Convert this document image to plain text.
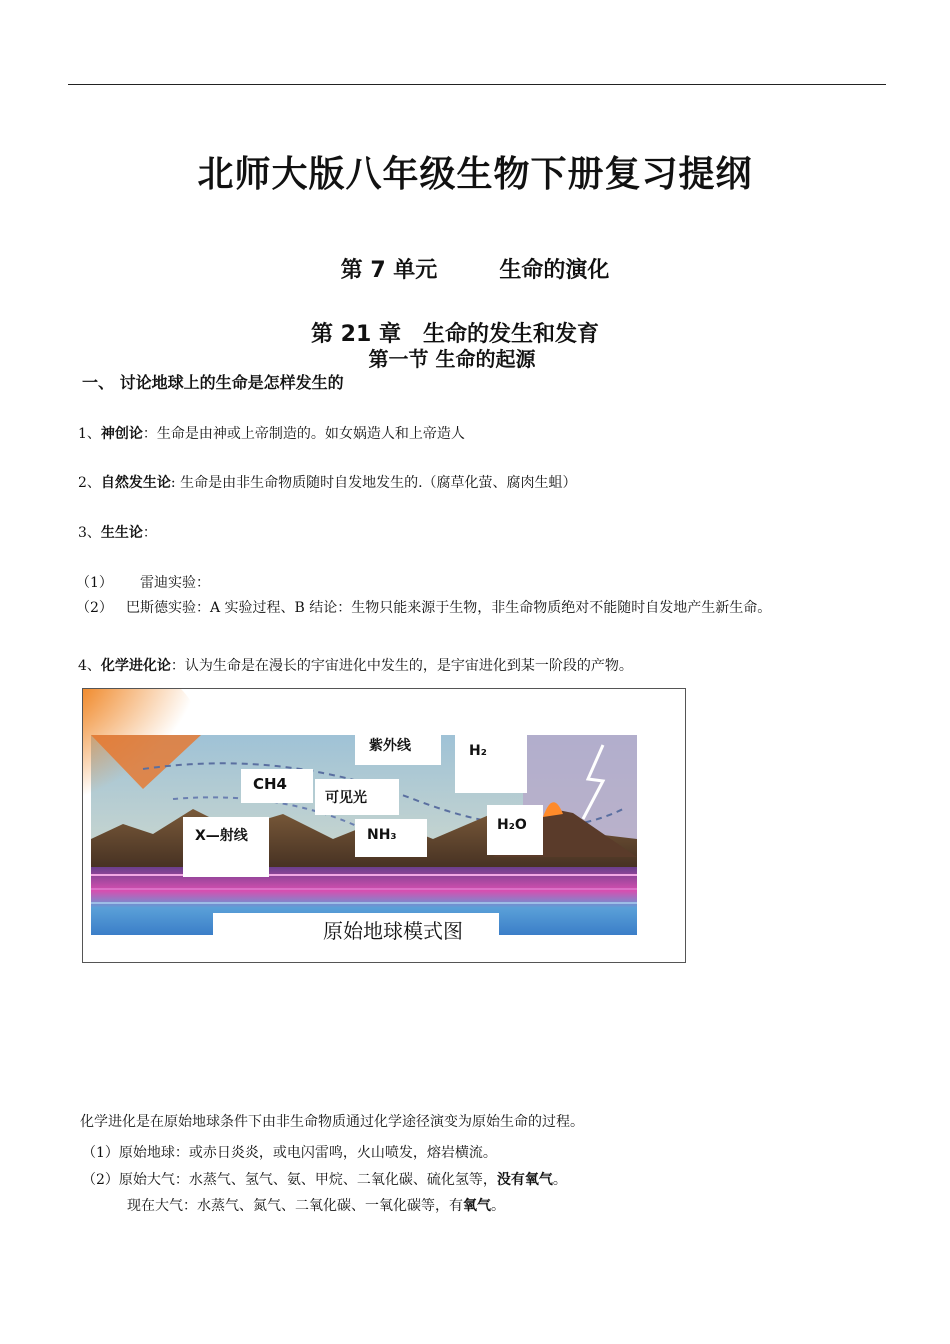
北师大版八年级生物下册复习提纲
第 7 单元	生命的演化
第 21 章 生命的发生和发育
第一节 生命的起源
一、 讨论地球上的生命是怎样发生的
1、神创论：生命是由神或上帝制造的。如女娲造人和上帝造人
2、自然发生论: 生命是由非生命物质随时自发地发生的.（腐草化萤、腐肉生蛆）
3、生生论：
（1） 雷迪实验：
（2） 巴斯德实验：A 实验过程、B 结论：生物只能来源于生物，非生命物质绝对不能随时自发地产生新生命。
4、化学进化论：认为生命是在漫长的宇宙进化中发生的，是宇宙进化到某一阶段的产物。
紫外线	H₂
CH4
可见光
H₂O
X—射线	NH₃
原始地球模式图
化学进化是在原始地球条件下由非生命物质通过化学途径演变为原始生命的过程。
（1）原始地球：或赤日炎炎，或电闪雷鸣，火山喷发，熔岩横流。
（2）原始大气：水蒸气、氢气、氨、甲烷、二氧化碳、硫化氢等，没有氧气。
现在大气：水蒸气、氮气、二氧化碳、一氧化碳等，有氧气。
